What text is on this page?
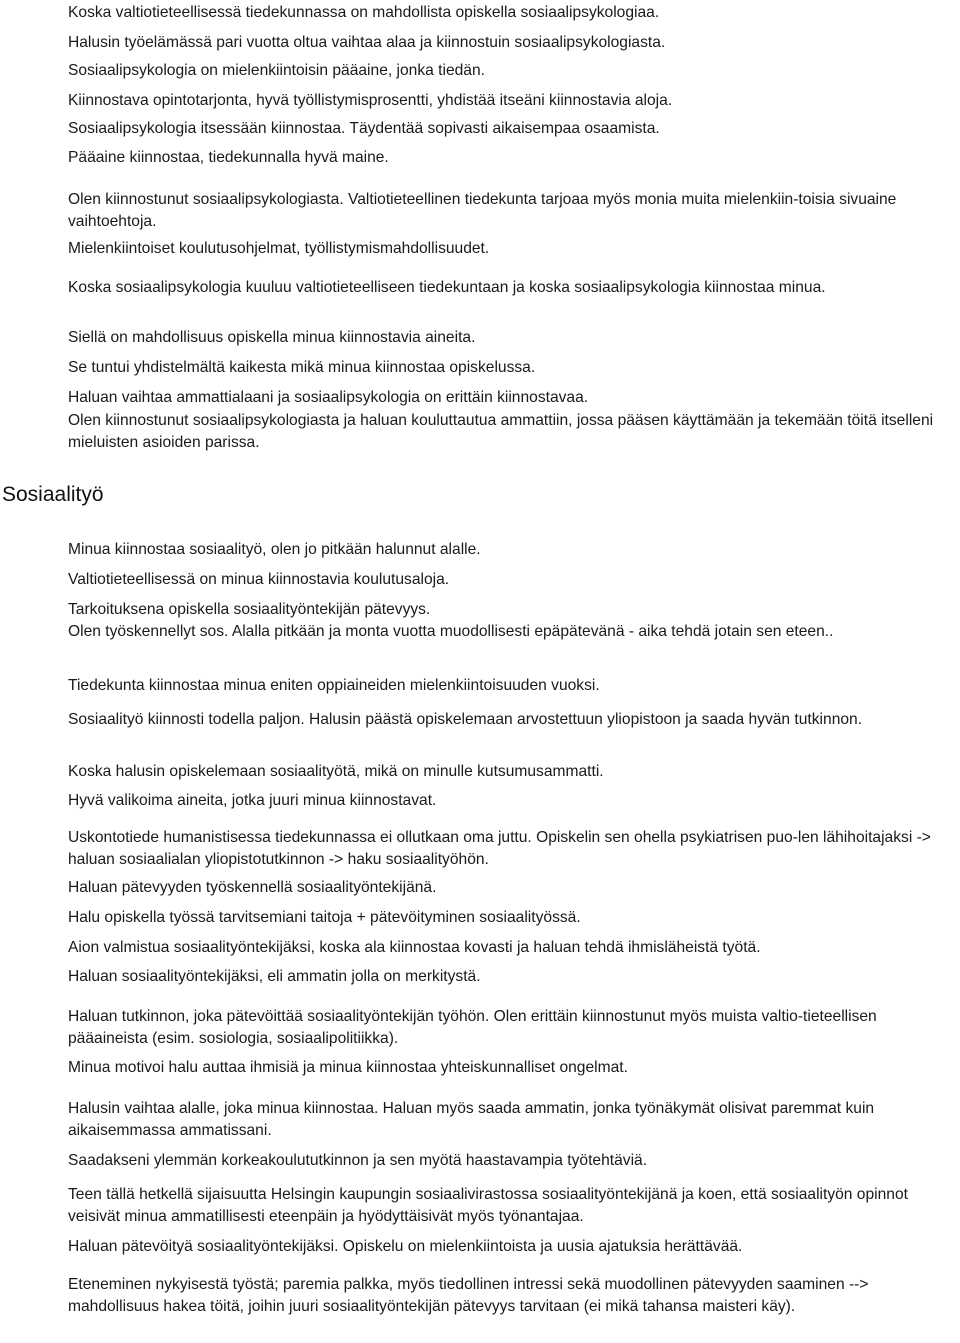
Sosiaalityö

Koska valtiotieteellisessä tiedekunnassa on mahdollista opiskella sosiaalipsykologiaa.

Halusin työelämässä pari vuotta oltua vaihtaa alaa ja kiinnostuin sosiaalipsykologiasta.

Sosiaalipsykologia on mielenkiintoisin pääaine, jonka tiedän.

Kiinnostava opintotarjonta, hyvä työllistymisprosentti, yhdistää itseäni kiinnostavia aloja.

Sosiaalipsykologia itsessään kiinnostaa. Täydentää sopivasti aikaisempaa osaamista.

Pääaine kiinnostaa, tiedekunnalla hyvä maine.

Olen kiinnostunut sosiaalipsykologiasta. Valtiotieteellinen tiedekunta tarjoaa myös monia muita mielenkiin-toisia sivuaine vaihtoehtoja.

Mielenkiintoiset koulutusohjelmat, työllistymismahdollisuudet.

Koska sosiaalipsykologia kuuluu valtiotieteelliseen tiedekuntaan ja koska sosiaalipsykologia kiinnostaa minua.

Siellä on mahdollisuus opiskella minua kiinnostavia aineita.

Se tuntui yhdistelmältä kaikesta mikä minua kiinnostaa opiskelussa.

Haluan vaihtaa ammattialaani ja sosiaalipsykologia on erittäin kiinnostavaa.

Olen kiinnostunut sosiaalipsykologiasta ja haluan kouluttautua ammattiin, jossa pääsen käyttämään ja tekemään töitä itselleni mieluisten asioiden parissa.

Minua kiinnostaa sosiaalityö, olen jo pitkään halunnut alalle.

Valtiotieteellisessä on minua kiinnostavia koulutusaloja.

Tarkoituksena opiskella sosiaalityöntekijän pätevyys.

Olen työskennellyt sos. Alalla pitkään ja monta vuotta muodollisesti epäpätevänä - aika tehdä jotain sen eteen..

Tiedekunta kiinnostaa minua eniten oppiaineiden mielenkiintoisuuden vuoksi.

Sosiaalityö kiinnosti todella paljon. Halusin päästä opiskelemaan arvostettuun yliopistoon ja saada hyvän tutkinnon.

Koska halusin opiskelemaan sosiaalityötä, mikä on minulle kutsumusammatti.

Hyvä valikoima aineita, jotka juuri minua kiinnostavat.

Uskontotiede humanistisessa tiedekunnassa ei ollutkaan oma juttu. Opiskelin sen ohella psykiatrisen puo-len lähihoitajaksi -> haluan sosiaalialan yliopistotutkinnon -> haku sosiaalityöhön.

Haluan pätevyyden työskennellä sosiaalityöntekijänä.

Halu opiskella työssä tarvitsemiani taitoja + pätevöityminen sosiaalityössä.

Aion valmistua sosiaalityöntekijäksi, koska ala kiinnostaa kovasti ja haluan tehdä ihmisläheistä työtä.

Haluan sosiaalityöntekijäksi, eli ammatin jolla on merkitystä.

Haluan tutkinnon, joka pätevöittää sosiaalityöntekijän työhön. Olen erittäin kiinnostunut myös muista valtio-tieteellisen pääaineista (esim. sosiologia, sosiaalipolitiikka).

Minua motivoi halu auttaa ihmisiä ja minua kiinnostaa yhteiskunnalliset ongelmat.

Halusin vaihtaa alalle, joka minua kiinnostaa. Haluan myös saada ammatin, jonka työnäkymät olisivat paremmat kuin aikaisemmassa ammatissani.

Saadakseni ylemmän korkeakoulututkinnon ja sen myötä haastavampia työtehtäviä.

Teen tällä hetkellä sijaisuutta Helsingin kaupungin sosiaalivirastossa sosiaalityöntekijänä ja koen, että sosiaalityön opinnot veisivät minua ammatillisesti eteenpäin ja hyödyttäisivät myös työnantajaa.

Haluan pätevöityä sosiaalityöntekijäksi. Opiskelu on mielenkiintoista ja uusia ajatuksia herättävää.

Eteneminen nykyisestä työstä; paremia palkka, myös tiedollinen intressi sekä muodollinen pätevyyden saaminen --> mahdollisuus hakea töitä, joihin juuri sosiaalityöntekijän pätevyys tarvitaan (ei mikä tahansa maisteri käy).
